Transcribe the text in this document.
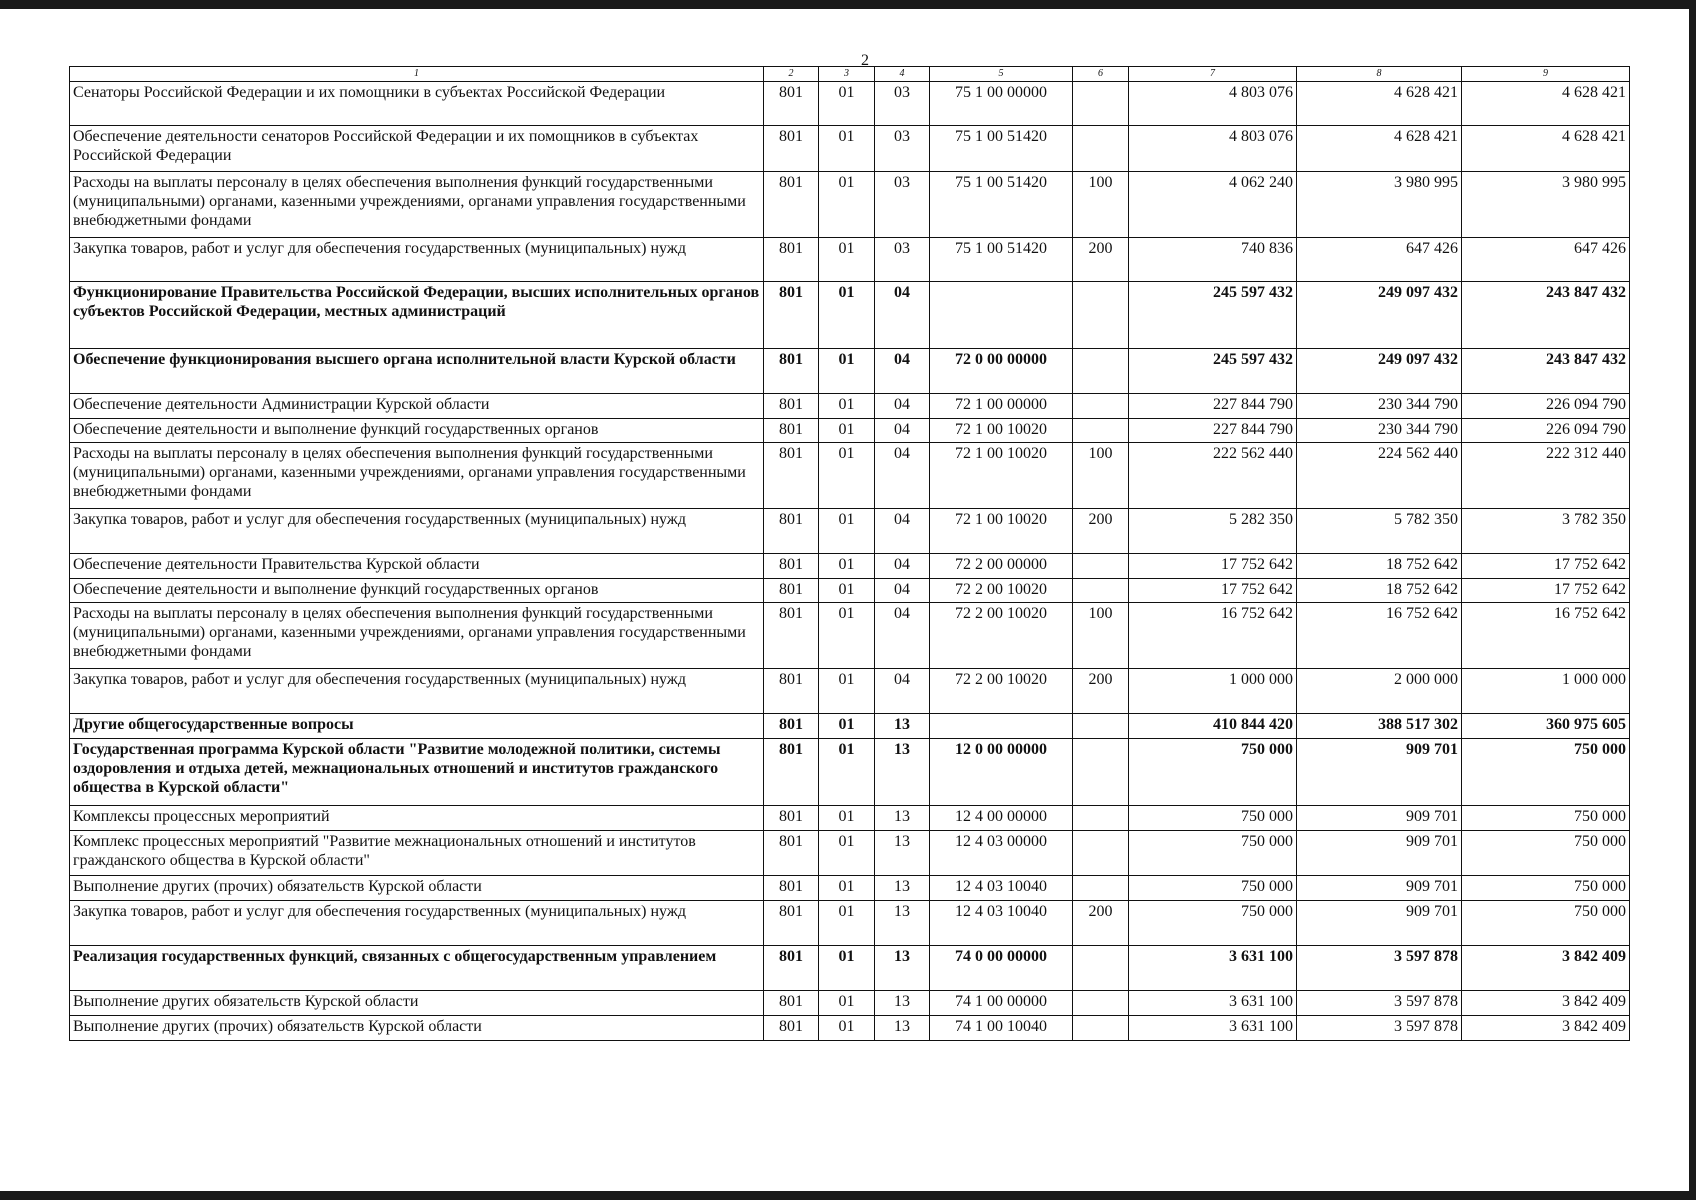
2
1	2	3	4	5	6	7	8	9
Сенаторы Российской Федерации и их помощники в субъектах Российской Федерации	801	01	03	75 1 00 00000		4 803 076	4 628 421	4 628 421
Обеспечение деятельности сенаторов Российской Федерации и их помощников в субъектах Российской Федерации	801	01	03	75 1 00 51420		4 803 076	4 628 421	4 628 421
Расходы на выплаты персоналу в целях обеспечения выполнения функций государственными (муниципальными) органами, казенными учреждениями, органами управления государственными внебюджетными фондами	801	01	03	75 1 00 51420	100	4 062 240	3 980 995	3 980 995
Закупка товаров, работ и услуг для обеспечения государственных (муниципальных) нужд	801	01	03	75 1 00 51420	200	740 836	647 426	647 426
Функционирование Правительства Российской Федерации, высших исполнительных органов субъектов Российской Федерации, местных администраций	801	01	04			245 597 432	249 097 432	243 847 432
Обеспечение функционирования высшего органа исполнительной власти Курской области	801	01	04	72 0 00 00000		245 597 432	249 097 432	243 847 432
Обеспечение деятельности Администрации Курской области	801	01	04	72 1 00 00000		227 844 790	230 344 790	226 094 790
Обеспечение деятельности и выполнение функций государственных органов	801	01	04	72 1 00 10020		227 844 790	230 344 790	226 094 790
Расходы на выплаты персоналу в целях обеспечения выполнения функций государственными (муниципальными) органами, казенными учреждениями, органами управления государственными внебюджетными фондами	801	01	04	72 1 00 10020	100	222 562 440	224 562 440	222 312 440
Закупка товаров, работ и услуг для обеспечения государственных (муниципальных) нужд	801	01	04	72 1 00 10020	200	5 282 350	5 782 350	3 782 350
Обеспечение деятельности Правительства Курской области	801	01	04	72 2 00 00000		17 752 642	18 752 642	17 752 642
Обеспечение деятельности и выполнение функций государственных органов	801	01	04	72 2 00 10020		17 752 642	18 752 642	17 752 642
Расходы на выплаты персоналу в целях обеспечения выполнения функций государственными (муниципальными) органами, казенными учреждениями, органами управления государственными внебюджетными фондами	801	01	04	72 2 00 10020	100	16 752 642	16 752 642	16 752 642
Закупка товаров, работ и услуг для обеспечения государственных (муниципальных) нужд	801	01	04	72 2 00 10020	200	1 000 000	2 000 000	1 000 000
Другие общегосударственные вопросы	801	01	13			410 844 420	388 517 302	360 975 605
Государственная программа Курской области "Развитие молодежной политики, системы оздоровления и отдыха детей, межнациональных отношений и институтов гражданского общества в Курской области"	801	01	13	12 0 00 00000		750 000	909 701	750 000
Комплексы процессных мероприятий	801	01	13	12 4 00 00000		750 000	909 701	750 000
Комплекс процессных мероприятий "Развитие межнациональных отношений и институтов гражданского общества в Курской области"	801	01	13	12 4 03 00000		750 000	909 701	750 000
Выполнение других (прочих) обязательств Курской области	801	01	13	12 4 03 10040		750 000	909 701	750 000
Закупка товаров, работ и услуг для обеспечения государственных (муниципальных) нужд	801	01	13	12 4 03 10040	200	750 000	909 701	750 000
Реализация государственных функций, связанных с общегосударственным управлением	801	01	13	74 0 00 00000		3 631 100	3 597 878	3 842 409
Выполнение других обязательств Курской области	801	01	13	74 1 00 00000		3 631 100	3 597 878	3 842 409
Выполнение других (прочих) обязательств Курской области	801	01	13	74 1 00 10040		3 631 100	3 597 878	3 842 409
